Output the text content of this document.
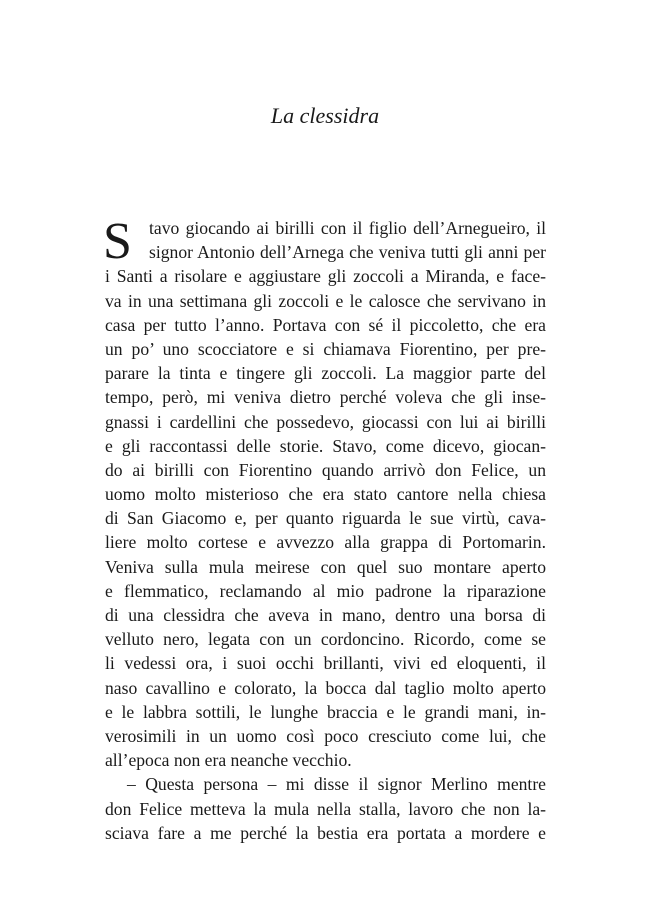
La clessidra
S tavo giocando ai birilli con il figlio dell’Arnegueiro, il
signor Antonio dell’Arnega che veniva tutti gli anni per
i Santi a risolare e aggiustare gli zoccoli a Miranda, e face-
va in una settimana gli zoccoli e le calosce che servivano in
casa per tutto l’anno. Portava con sé il piccoletto, che era
un po’ uno scocciatore e si chiamava Fiorentino, per pre-
parare la tinta e tingere gli zoccoli. La maggior parte del
tempo, però, mi veniva dietro perché voleva che gli inse-
gnassi i cardellini che possedevo, giocassi con lui ai birilli
e gli raccontassi delle storie. Stavo, come dicevo, giocan-
do ai birilli con Fiorentino quando arrivò don Felice, un
uomo molto misterioso che era stato cantore nella chiesa
di San Giacomo e, per quanto riguarda le sue virtù, cava-
liere molto cortese e avvezzo alla grappa di Portomarin.
Veniva sulla mula meirese con quel suo montare aperto
e flemmatico, reclamando al mio padrone la riparazione
di una clessidra che aveva in mano, dentro una borsa di
velluto nero, legata con un cordoncino. Ricordo, come se
li vedessi ora, i suoi occhi brillanti, vivi ed eloquenti, il
naso cavallino e colorato, la bocca dal taglio molto aperto
e le labbra sottili, le lunghe braccia e le grandi mani, in-
verosimili in un uomo così poco cresciuto come lui, che
all’epoca non era neanche vecchio.
– Questa persona – mi disse il signor Merlino mentre
don Felice metteva la mula nella stalla, lavoro che non la-
sciava fare a me perché la bestia era portata a mordere e
